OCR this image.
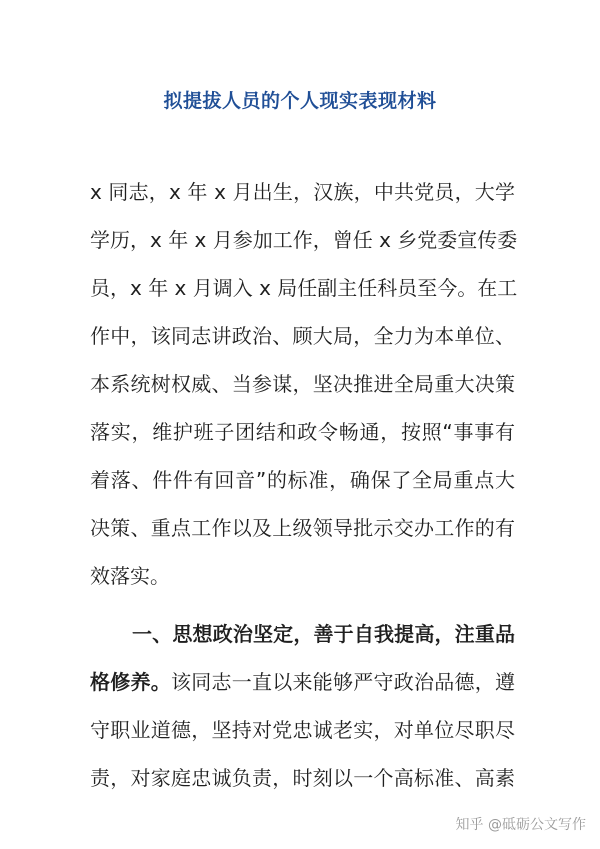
拟提拔人员的个人现实表现材料
x 同志，x 年 x 月出生，汉族，中共党员，大学
学历，x 年 x 月参加工作，曾任 x 乡党委宣传委
员，x 年 x 月调入 x 局任副主任科员至今。在工
作中，该同志讲政治、顾大局，全力为本单位、
本系统树权威、当参谋，坚决推进全局重大决策
落实，维护班子团结和政令畅通，按照“事事有
着落、件件有回音”的标准，确保了全局重点大
决策、重点工作以及上级领导批示交办工作的有
效落实。
一、思想政治坚定，善于自我提高，注重品
格修养。该同志一直以来能够严守政治品德，遵
守职业道德，坚持对党忠诚老实，对单位尽职尽
责，对家庭忠诚负责，时刻以一个高标准、高素
知乎 @砥砺公文写作
